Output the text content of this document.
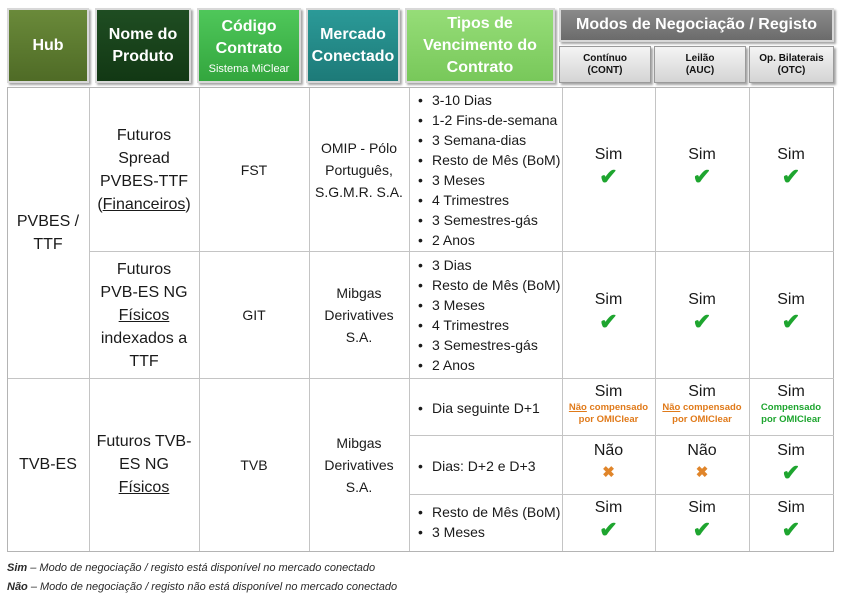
Hub
Nome do Produto
Código Contrato
Sistema MiClear
Mercado Conectado
Tipos de Vencimento do Contrato
Modos de Negociação / Registo
Contínuo (CONT)
Leilão (AUC)
Op. Bilaterais (OTC)
PVBES / TTF
Futuros Spread PVBES-TTF
(Financeiros)
FST
OMIP - Pólo Português, S.G.M.R. S.A.
• 3-10 Dias
• 1-2 Fins-de-semana
• 3 Semana-dias
• Resto de Mês (BoM)
• 3 Meses
• 4 Trimestres
• 3 Semestres-gás
• 2 Anos
Sim
✔
Sim
✔
Sim
✔
Futuros PVB-ES NG
Físicos
indexados a TTF
GIT
Mibgas Derivatives S.A.
• 3 Dias
• Resto de Mês (BoM)
• 3 Meses
• 4 Trimestres
• 3 Semestres-gás
• 2 Anos
Sim
✔
Sim
✔
Sim
✔
TVB-ES
Futuros TVB-ES NG
Físicos
TVB
Mibgas Derivatives S.A.
• Dia seguinte D+1
Sim
Não compensado
por OMIClear
Sim
Não compensado
por OMIClear
Sim
Compensado
por OMIClear
• Dias: D+2 e D+3
Não
✖
Não
✖
Sim
✔
• Resto de Mês (BoM)
• 3 Meses
Sim
✔
Sim
✔
Sim
✔
Sim – Modo de negociação / registo está disponível no mercado conectado
Não – Modo de negociação / registo não está disponível no mercado conectado
